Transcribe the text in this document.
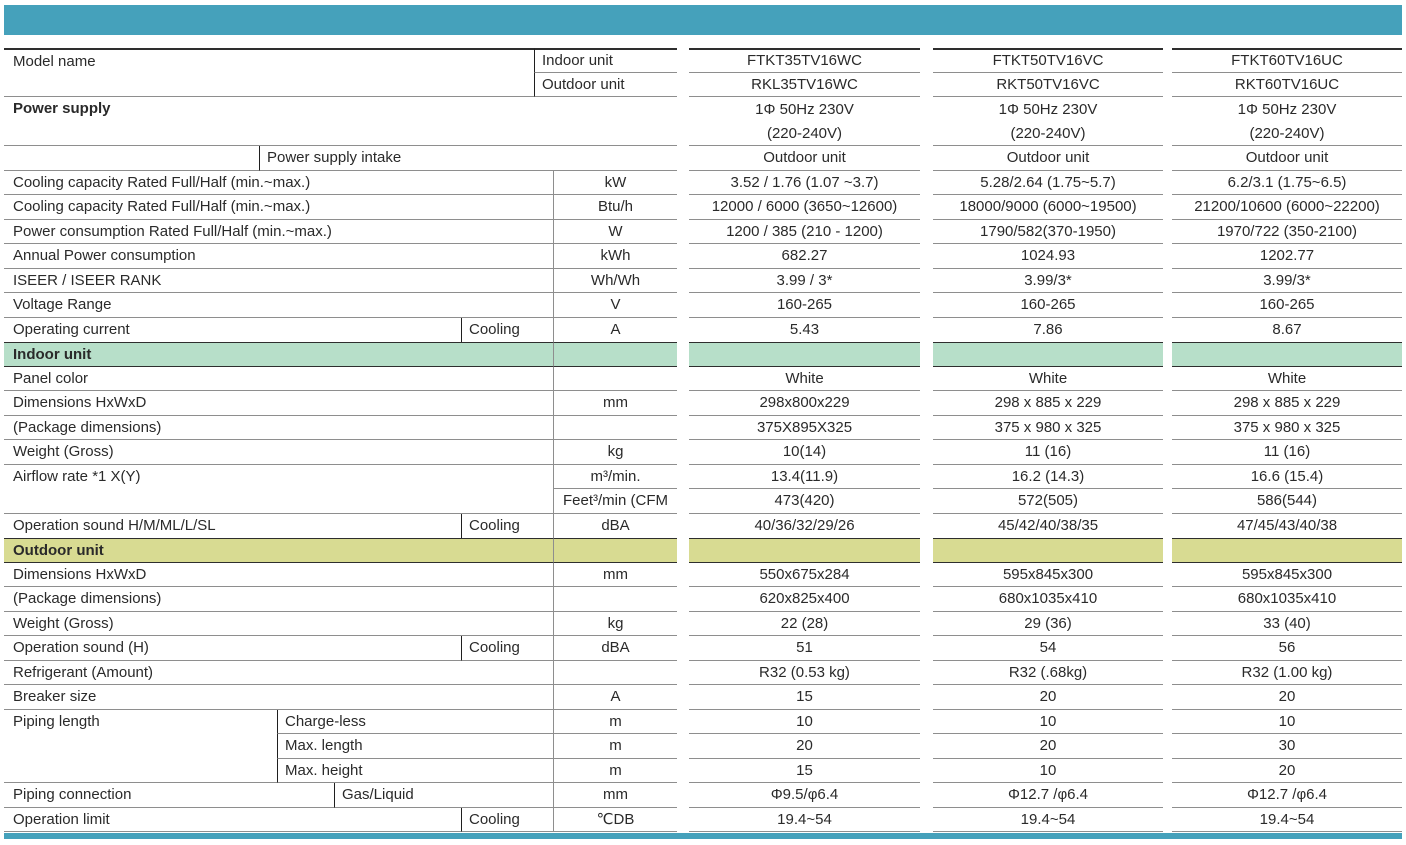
Model name	Indoor unit	FTKT35TV16WC	FTKT50TV16VC	FTKT60TV16UC
Outdoor unit	RKL35TV16WC	RKT50TV16VC	RKT60TV16UC
Power supply	1Φ 50Hz 230V	1Φ 50Hz 230V	1Φ 50Hz 230V
(220-240V)	(220-240V)	(220-240V)
Power supply intake	Outdoor unit	Outdoor unit	Outdoor unit
Cooling capacity Rated Full/Half (min.~max.)	kW	3.52 / 1.76 (1.07 ~3.7)	5.28/2.64 (1.75~5.7)	6.2/3.1 (1.75~6.5)
Cooling capacity Rated Full/Half (min.~max.)	Btu/h	12000 / 6000 (3650~12600)	18000/9000 (6000~19500)	21200/10600 (6000~22200)
Power consumption Rated Full/Half (min.~max.)	W	1200 / 385 (210 - 1200)	1790/582(370-1950)	1970/722 (350-2100)
Annual Power consumption	kWh	682.27	1024.93	1202.77
ISEER / ISEER RANK	Wh/Wh	3.99 / 3*	3.99/3*	3.99/3*
Voltage Range	V	160-265	160-265	160-265
Operating current	Cooling	A	5.43	7.86	8.67
Indoor unit
Panel color	White	White	White
Dimensions HxWxD	mm	298x800x229	298 x 885 x 229	298 x 885 x 229
(Package dimensions)	375X895X325	375 x 980 x 325	375 x 980 x 325
Weight (Gross)	kg	10(14)	11 (16)	11 (16)
Airflow rate *1 X(Y)	m³/min.	13.4(11.9)	16.2 (14.3)	16.6 (15.4)
Feet³/min (CFM	473(420)	572(505)	586(544)
Operation sound H/M/ML/L/SL	Cooling	dBA	40/36/32/29/26	45/42/40/38/35	47/45/43/40/38
Outdoor unit
Dimensions HxWxD	mm	550x675x284	595x845x300	595x845x300
(Package dimensions)	620x825x400	680x1035x410	680x1035x410
Weight (Gross)	kg	22 (28)	29 (36)	33 (40)
Operation sound (H)	Cooling	dBA	51	54	56
Refrigerant (Amount)	R32 (0.53 kg)	R32 (.68kg)	R32 (1.00 kg)
Breaker size	A	15	20	20
Piping length	Charge-less	m	10	10	10
Max. length	m	20	20	30
Max. height	m	15	10	20
Piping connection	Gas/Liquid	mm	Φ9.5/φ6.4	Φ12.7 /φ6.4	Φ12.7 /φ6.4
Operation limit	Cooling	℃DB	19.4~54	19.4~54	19.4~54
